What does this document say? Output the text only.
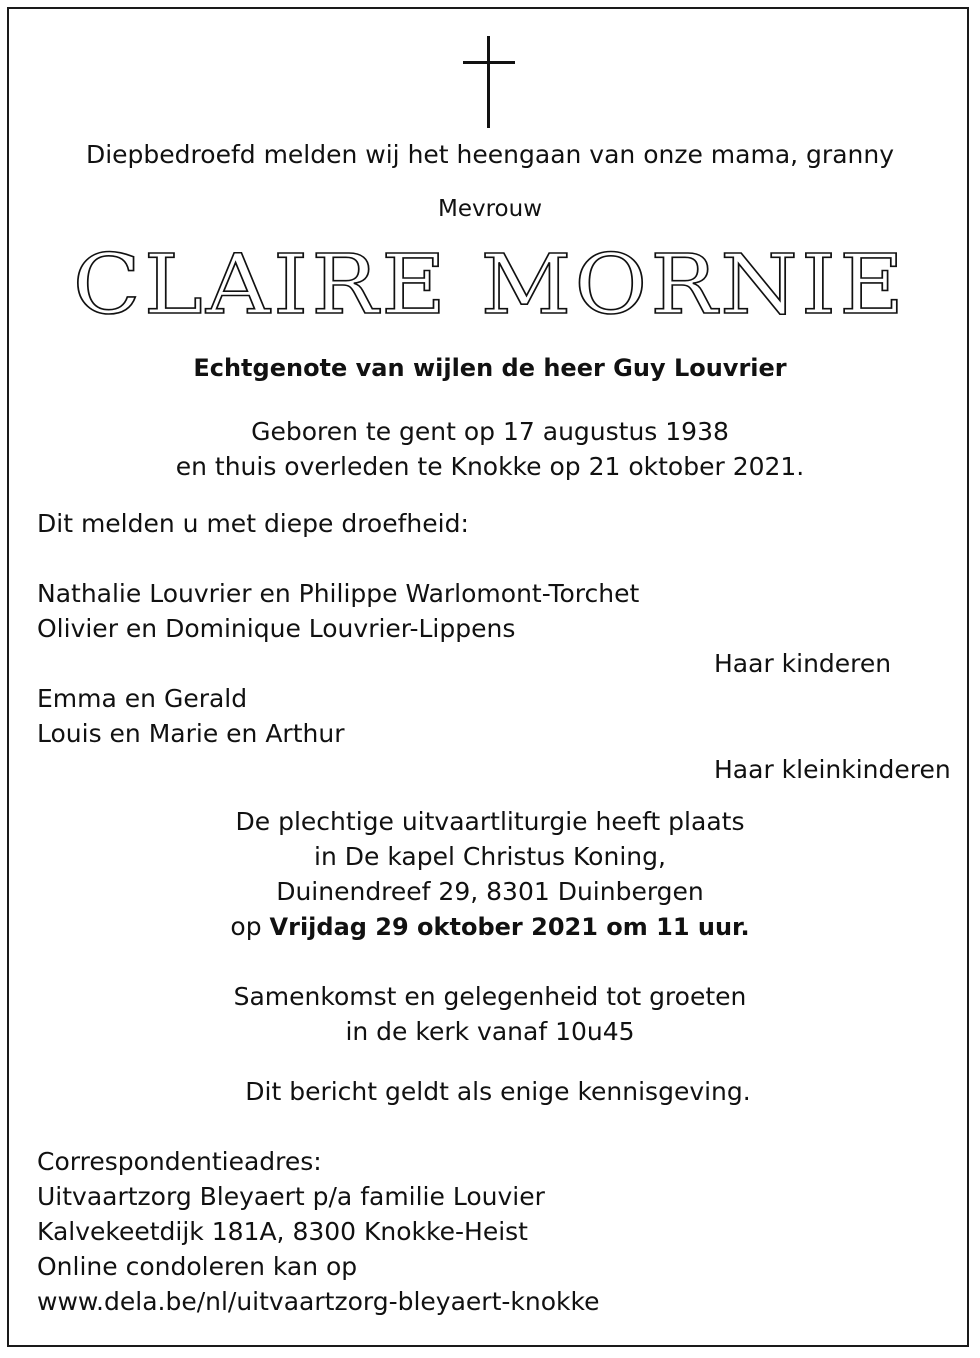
Diepbedroefd melden wij het heengaan van onze mama, granny

Mevrouw

CLAIRE MORNIE

Echtgenote van wijlen de heer Guy Louvrier

Geboren te gent op 17 augustus 1938

en thuis overleden te Knokke op 21 oktober 2021.

Dit melden u met diepe droefheid:

Nathalie Louvrier en Philippe Warlomont-Torchet

Olivier en Dominique Louvrier-Lippens

Haar kinderen

Emma en Gerald

Louis en Marie en Arthur

Haar kleinkinderen

De plechtige uitvaartliturgie heeft plaats

in De kapel Christus Koning,

Duinendreef 29, 8301 Duinbergen

op Vrijdag 29 oktober 2021 om 11 uur.

Samenkomst en gelegenheid tot groeten

in de kerk vanaf 10u45

Dit bericht geldt als enige kennisgeving.

Correspondentieadres:

Uitvaartzorg Bleyaert p/a familie Louvier

Kalvekeetdijk 181A, 8300 Knokke-Heist

Online condoleren kan op

www.dela.be/nl/uitvaartzorg-bleyaert-knokke
